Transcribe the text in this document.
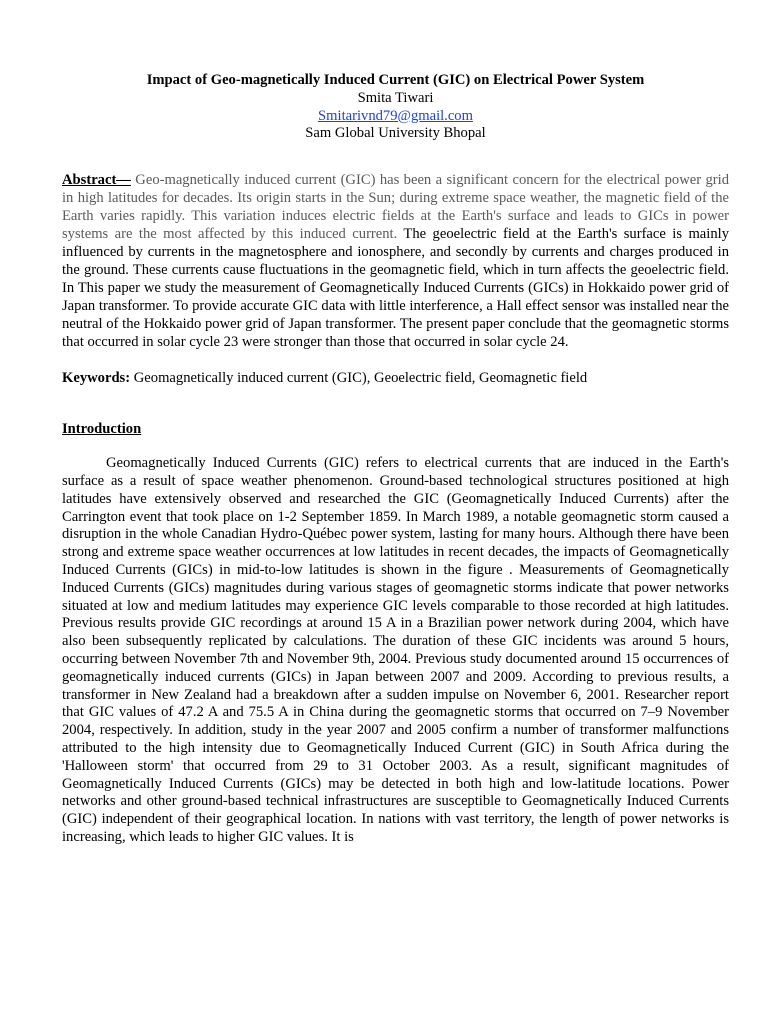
Impact of Geo-magnetically Induced Current (GIC) on Electrical Power System
Smita Tiwari
Smitarivnd79@gmail.com
Sam Global University Bhopal

Abstract— Geo-magnetically induced current (GIC) has been a significant concern for the electrical power grid in high latitudes for decades. Its origin starts in the Sun; during extreme space weather, the magnetic field of the Earth varies rapidly. This variation induces electric fields at the Earth's surface and leads to GICs in power systems are the most affected by this induced current. The geoelectric field at the Earth's surface is mainly influenced by currents in the magnetosphere and ionosphere, and secondly by currents and charges produced in the ground. These currents cause fluctuations in the geomagnetic field, which in turn affects the geoelectric field. In This paper we study the measurement of Geomagnetically Induced Currents (GICs) in Hokkaido power grid of Japan transformer. To provide accurate GIC data with little interference, a Hall effect sensor was installed near the neutral of the Hokkaido power grid of Japan transformer. The present paper conclude that the geomagnetic storms that occurred in solar cycle 23 were stronger than those that occurred in solar cycle 24.

Keywords: Geomagnetically induced current (GIC), Geoelectric field, Geomagnetic field

Introduction

Geomagnetically Induced Currents (GIC) refers to electrical currents that are induced in the Earth's surface as a result of space weather phenomenon. Ground-based technological structures positioned at high latitudes have extensively observed and researched the GIC (Geomagnetically Induced Currents) after the Carrington event that took place on 1-2 September 1859. In March 1989, a notable geomagnetic storm caused a disruption in the whole Canadian Hydro-Québec power system, lasting for many hours. Although there have been strong and extreme space weather occurrences at low latitudes in recent decades, the impacts of Geomagnetically Induced Currents (GICs) in mid-to-low latitudes is shown in the figure . Measurements of Geomagnetically Induced Currents (GICs) magnitudes during various stages of geomagnetic storms indicate that power networks situated at low and medium latitudes may experience GIC levels comparable to those recorded at high latitudes. Previous results provide GIC recordings at around 15 A in a Brazilian power network during 2004, which have also been subsequently replicated by calculations. The duration of these GIC incidents was around 5 hours, occurring between November 7th and November 9th, 2004. Previous study documented around 15 occurrences of geomagnetically induced currents (GICs) in Japan between 2007 and 2009. According to previous results, a transformer in New Zealand had a breakdown after a sudden impulse on November 6, 2001. Researcher report that GIC values of 47.2 A and 75.5 A in China during the geomagnetic storms that occurred on 7–9 November 2004, respectively. In addition, study in the year 2007 and 2005 confirm a number of transformer malfunctions attributed to the high intensity due to Geomagnetically Induced Current (GIC) in South Africa during the 'Halloween storm' that occurred from 29 to 31 October 2003. As a result, significant magnitudes of Geomagnetically Induced Currents (GICs) may be detected in both high and low-latitude locations. Power networks and other ground-based technical infrastructures are susceptible to Geomagnetically Induced Currents (GIC) independent of their geographical location. In nations with vast territory, the length of power networks is increasing, which leads to higher GIC values. It is
